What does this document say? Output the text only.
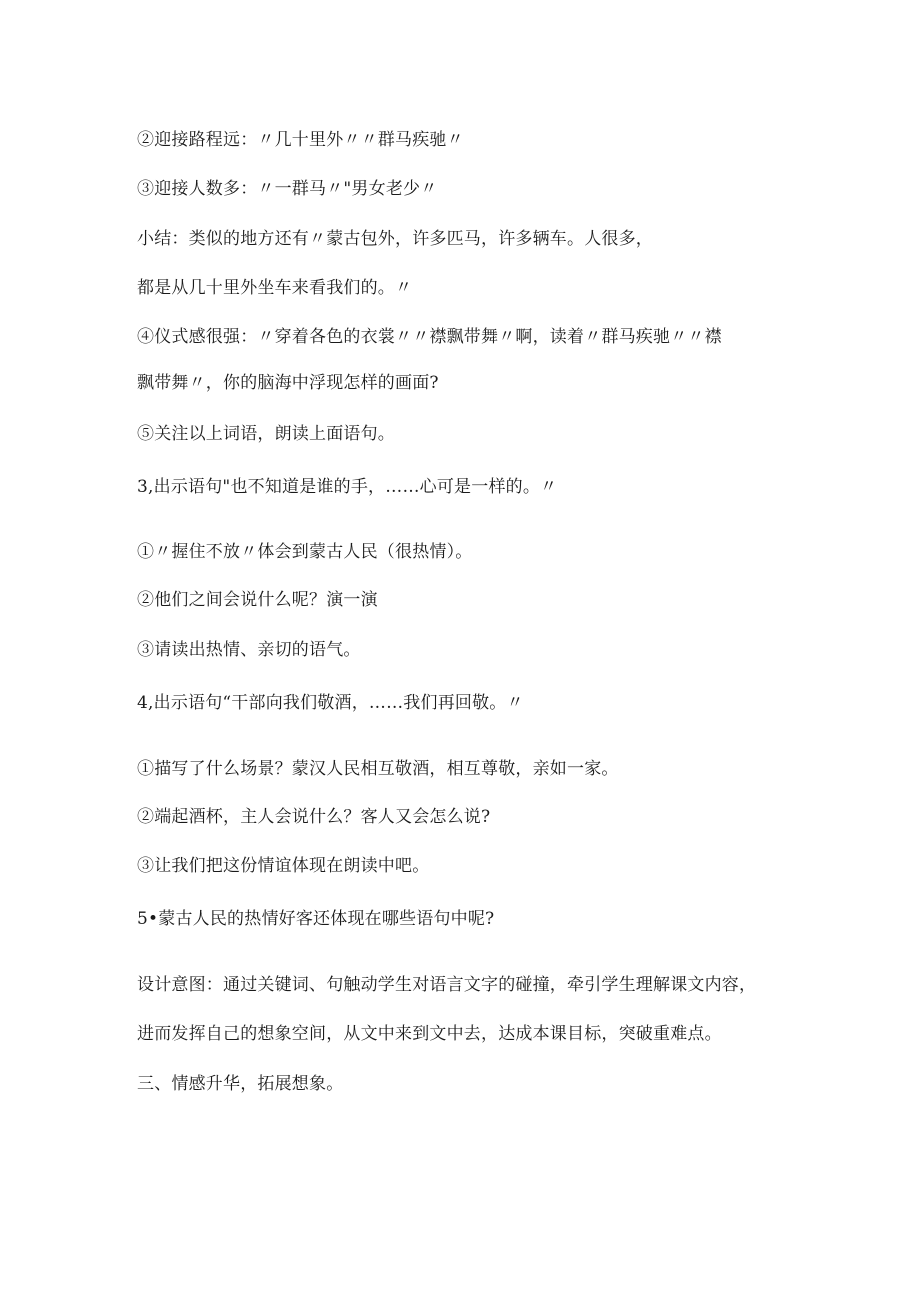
②迎接路程远：〃几十里外〃〃群马疾驰〃
③迎接人数多：〃一群马〃"男女老少〃
小结：类似的地方还有〃蒙古包外，许多匹马，许多辆车。人很多，
都是从几十里外坐车来看我们的。〃
④仪式感很强：〃穿着各色的衣裳〃〃襟飘带舞〃啊，读着〃群马疾驰〃〃襟
飘带舞〃，你的脑海中浮现怎样的画面?
⑤关注以上词语，朗读上面语句。
3,出示语句"也不知道是谁的手，……心可是一样的。〃
①〃握住不放〃体会到蒙古人民（很热情）。
②他们之间会说什么呢？演一演
③请读出热情、亲切的语气。
4,出示语句“干部向我们敬酒，……我们再回敬。〃
①描写了什么场景？蒙汉人民相互敬酒，相互尊敬，亲如一家。
②端起酒杯，主人会说什么？客人又会怎么说?
③让我们把这份情谊体现在朗读中吧。
5•蒙古人民的热情好客还体现在哪些语句中呢?
设计意图：通过关键词、句触动学生对语言文字的碰撞，牵引学生理解课文内容，
进而发挥自己的想象空间，从文中来到文中去，达成本课目标，突破重难点。
三、情感升华，拓展想象。
